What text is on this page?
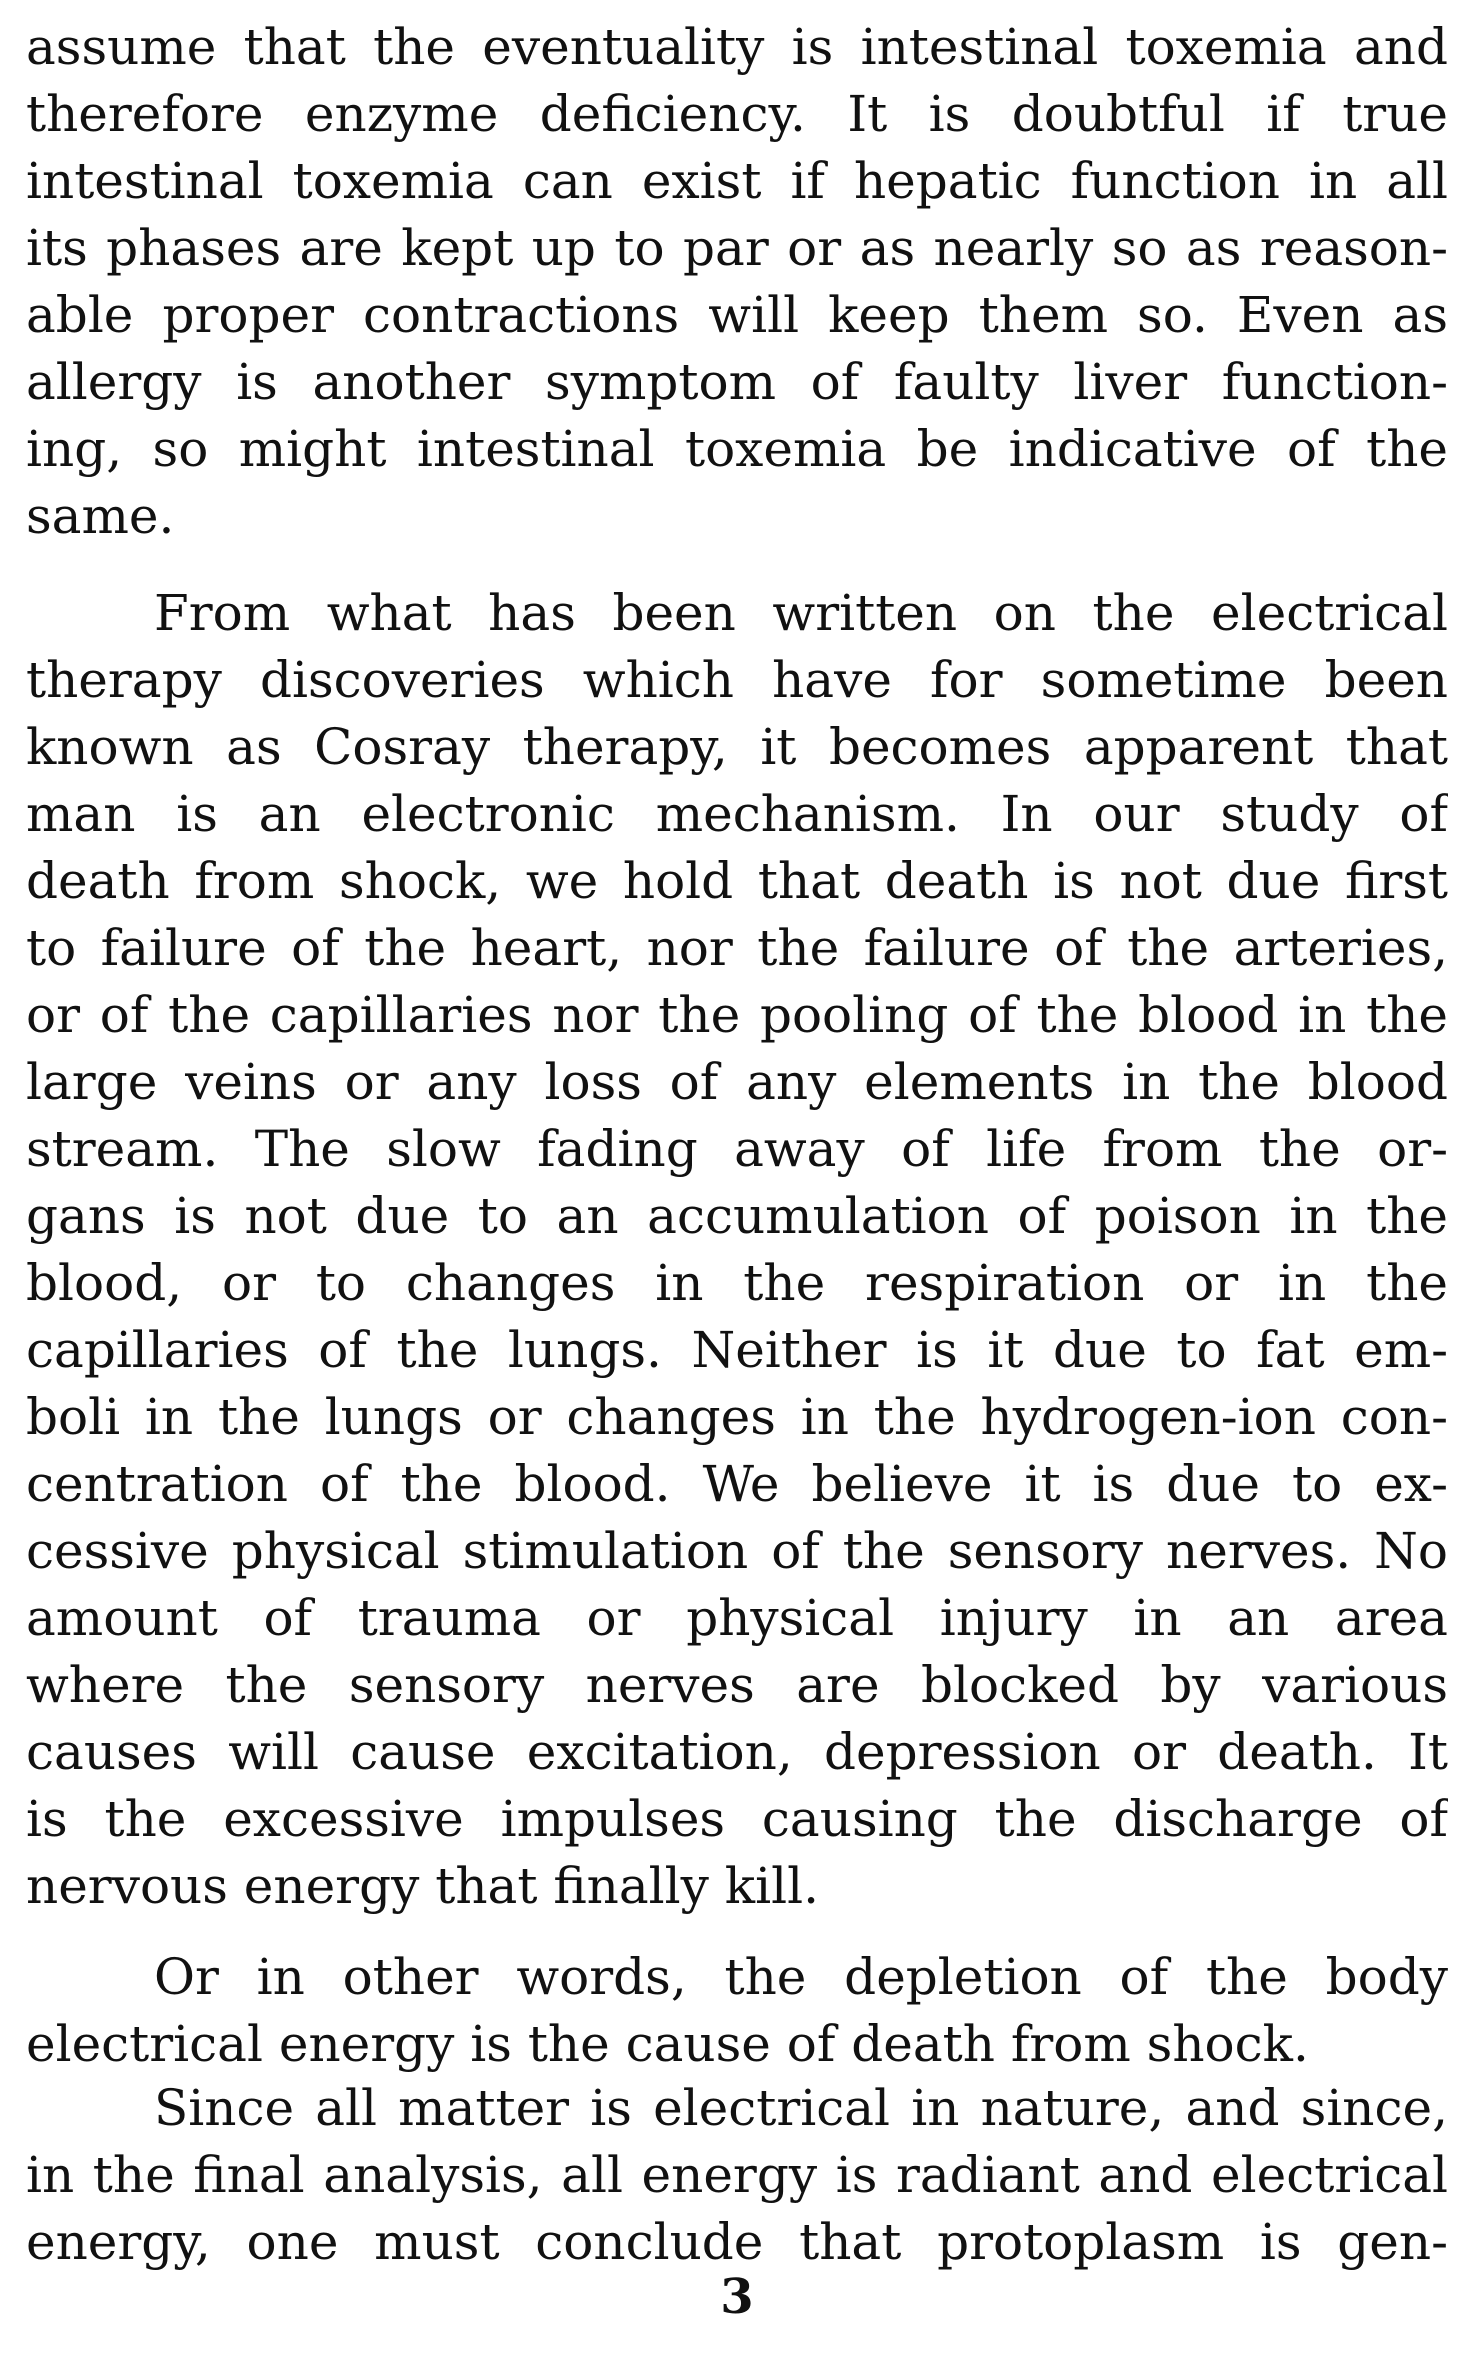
assume that the eventuality is intestinal toxemia and
therefore enzyme deficiency. It is doubtful if true
intestinal toxemia can exist if hepatic function in all
its phases are kept up to par or as nearly so as reason-
able proper contractions will keep them so. Even as
allergy is another symptom of faulty liver function-
ing, so might intestinal toxemia be indicative of the
same.
From what has been written on the electrical
therapy discoveries which have for sometime been
known as Cosray therapy, it becomes apparent that
man is an electronic mechanism. In our study of
death from shock, we hold that death is not due first
to failure of the heart, nor the failure of the arteries,
or of the capillaries nor the pooling of the blood in the
large veins or any loss of any elements in the blood
stream. The slow fading away of life from the or-
gans is not due to an accumulation of poison in the
blood, or to changes in the respiration or in the
capillaries of the lungs. Neither is it due to fat em-
boli in the lungs or changes in the hydrogen-ion con-
centration of the blood. We believe it is due to ex-
cessive physical stimulation of the sensory nerves. No
amount of trauma or physical injury in an area
where the sensory nerves are blocked by various
causes will cause excitation, depression or death. It
is the excessive impulses causing the discharge of
nervous energy that finally kill.
Or in other words, the depletion of the body
electrical energy is the cause of death from shock.
Since all matter is electrical in nature, and since,
in the final analysis, all energy is radiant and electrical
energy, one must conclude that protoplasm is gen-
3
